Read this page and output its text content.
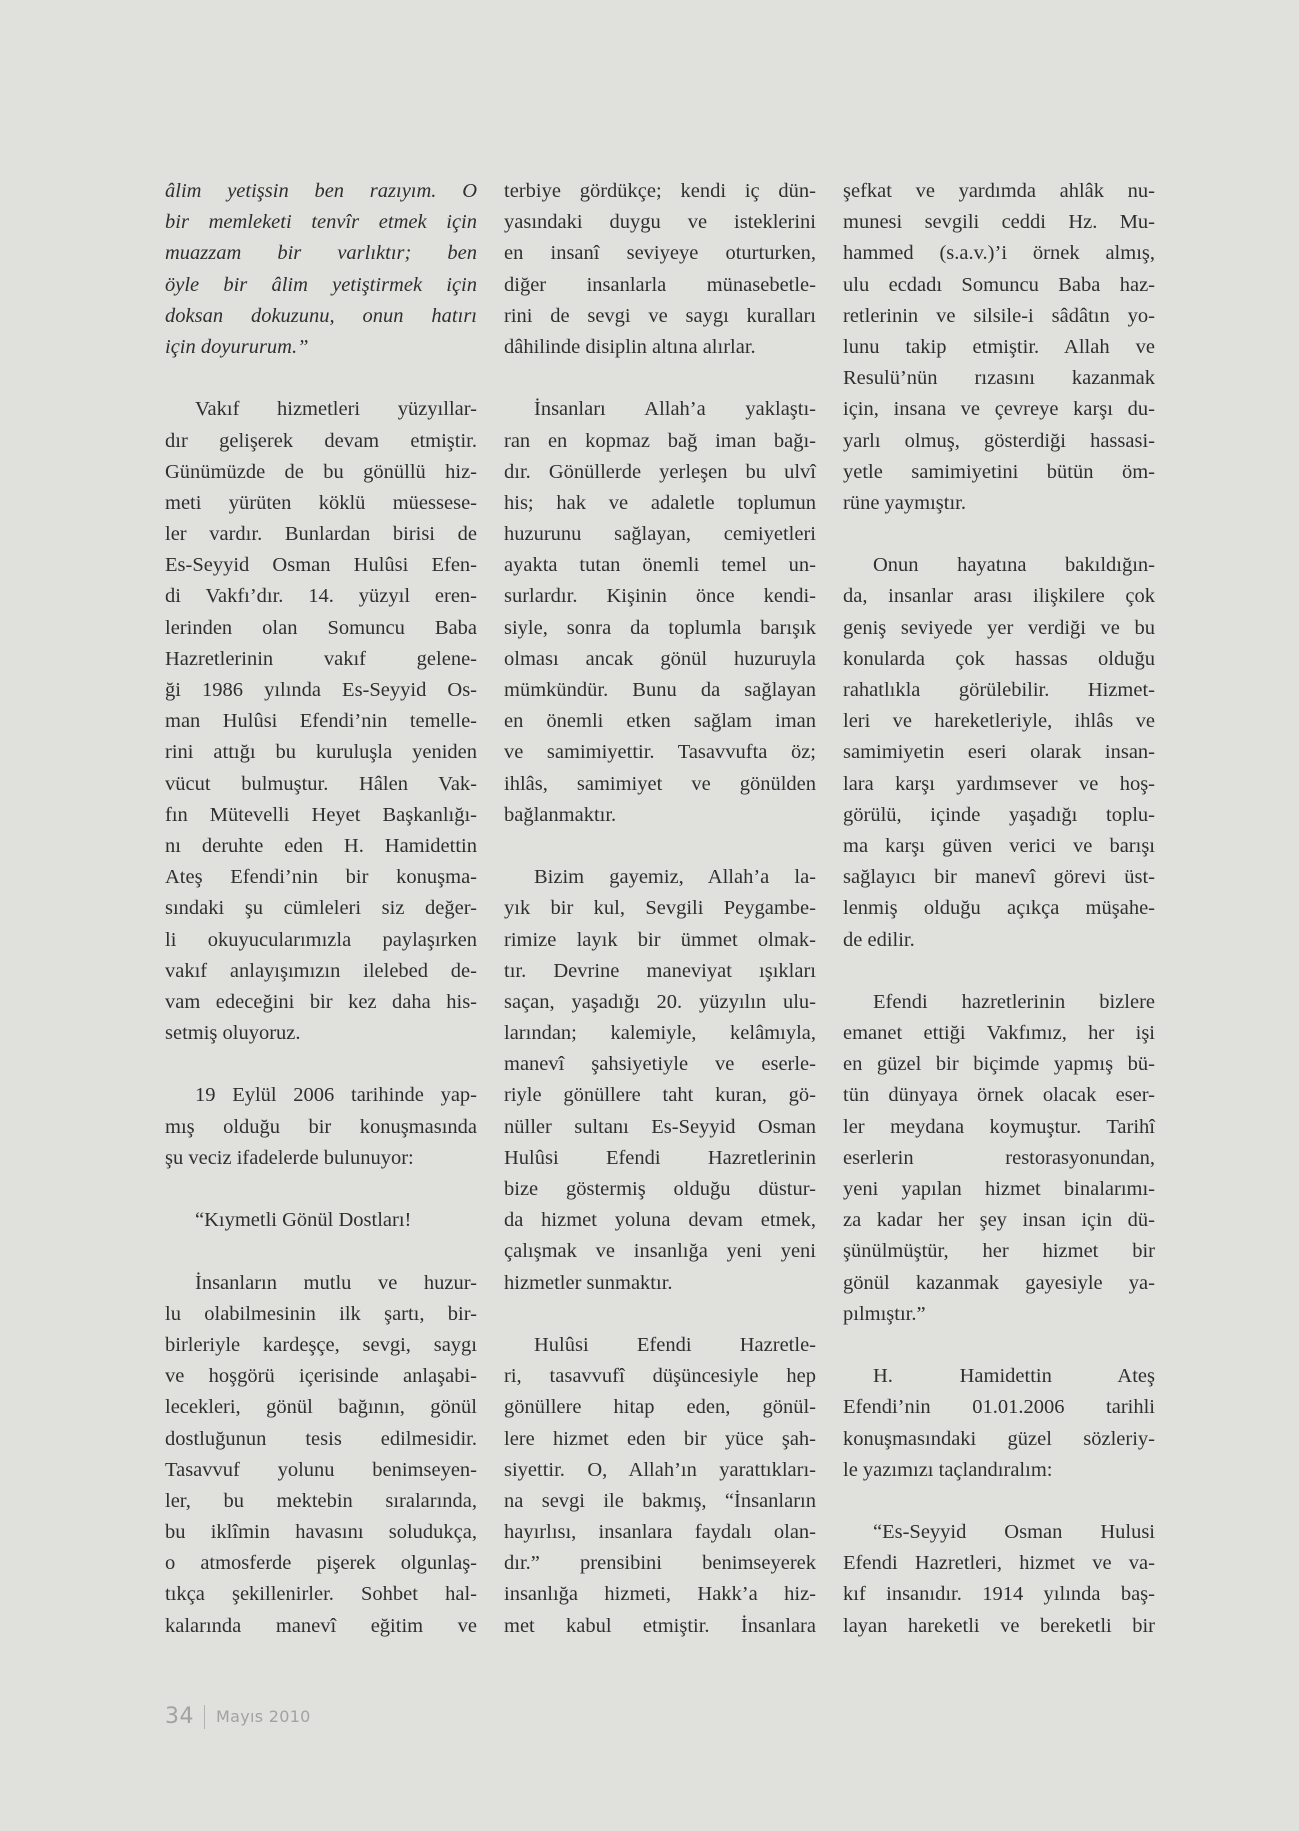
âlim yetişsin ben razıyım. O
bir memleketi tenvîr etmek için
muazzam bir varlıktır; ben
öyle bir âlim yetiştirmek için
doksan dokuzunu, onun hatırı
için doyururum.”
Vakıf hizmetleri yüzyıllar-
dır gelişerek devam etmiştir.
Günümüzde de bu gönüllü hiz-
meti yürüten köklü müessese-
ler vardır. Bunlardan birisi de
Es-Seyyid Osman Hulûsi Efen-
di Vakfı’dır. 14. yüzyıl eren-
lerinden olan Somuncu Baba
Hazretlerinin vakıf gelene-
ği 1986 yılında Es-Seyyid Os-
man Hulûsi Efendi’nin temelle-
rini attığı bu kuruluşla yeniden
vücut bulmuştur. Hâlen Vak-
fın Mütevelli Heyet Başkanlığı-
nı deruhte eden H. Hamidettin
Ateş Efendi’nin bir konuşma-
sındaki şu cümleleri siz değer-
li okuyucularımızla paylaşırken
vakıf anlayışımızın ilelebed de-
vam edeceğini bir kez daha his-
setmiş oluyoruz.
19 Eylül 2006 tarihinde yap-
mış olduğu bir konuşmasında
şu veciz ifadelerde bulunuyor:
“Kıymetli Gönül Dostları!
İnsanların mutlu ve huzur-
lu olabilmesinin ilk şartı, bir-
birleriyle kardeşçe, sevgi, saygı
ve hoşgörü içerisinde anlaşabi-
lecekleri, gönül bağının, gönül
dostluğunun tesis edilmesidir.
Tasavvuf yolunu benimseyen-
ler, bu mektebin sıralarında,
bu iklîmin havasını soludukça,
o atmosferde pişerek olgunlaş-
tıkça şekillenirler. Sohbet hal-
kalarında manevî eğitim ve
terbiye gördükçe; kendi iç dün-
yasındaki duygu ve isteklerini
en insanî seviyeye oturturken,
diğer insanlarla münasebetle-
rini de sevgi ve saygı kuralları
dâhilinde disiplin altına alırlar.
İnsanları Allah’a yaklaştı-
ran en kopmaz bağ iman bağı-
dır. Gönüllerde yerleşen bu ulvî
his; hak ve adaletle toplumun
huzurunu sağlayan, cemiyetleri
ayakta tutan önemli temel un-
surlardır. Kişinin önce kendi-
siyle, sonra da toplumla barışık
olması ancak gönül huzuruyla
mümkündür. Bunu da sağlayan
en önemli etken sağlam iman
ve samimiyettir. Tasavvufta öz;
ihlâs, samimiyet ve gönülden
bağlanmaktır.
Bizim gayemiz, Allah’a la-
yık bir kul, Sevgili Peygambe-
rimize layık bir ümmet olmak-
tır. Devrine maneviyat ışıkları
saçan, yaşadığı 20. yüzyılın ulu-
larından; kalemiyle, kelâmıyla,
manevî şahsiyetiyle ve eserle-
riyle gönüllere taht kuran, gö-
nüller sultanı Es-Seyyid Osman
Hulûsi Efendi Hazretlerinin
bize göstermiş olduğu düstur-
da hizmet yoluna devam etmek,
çalışmak ve insanlığa yeni yeni
hizmetler sunmaktır.
Hulûsi Efendi Hazretle-
ri, tasavvufî düşüncesiyle hep
gönüllere hitap eden, gönül-
lere hizmet eden bir yüce şah-
siyettir. O, Allah’ın yarattıkları-
na sevgi ile bakmış, “İnsanların
hayırlısı, insanlara faydalı olan-
dır.” prensibini benimseyerek
insanlığa hizmeti, Hakk’a hiz-
met kabul etmiştir. İnsanlara
şefkat ve yardımda ahlâk nu-
munesi sevgili ceddi Hz. Mu-
hammed (s.a.v.)’i örnek almış,
ulu ecdadı Somuncu Baba haz-
retlerinin ve silsile-i sâdâtın yo-
lunu takip etmiştir. Allah ve
Resulü’nün rızasını kazanmak
için, insana ve çevreye karşı du-
yarlı olmuş, gösterdiği hassasi-
yetle samimiyetini bütün öm-
rüne yaymıştır.
Onun hayatına bakıldığın-
da, insanlar arası ilişkilere çok
geniş seviyede yer verdiği ve bu
konularda çok hassas olduğu
rahatlıkla görülebilir. Hizmet-
leri ve hareketleriyle, ihlâs ve
samimiyetin eseri olarak insan-
lara karşı yardımsever ve hoş-
görülü, içinde yaşadığı toplu-
ma karşı güven verici ve barışı
sağlayıcı bir manevî görevi üst-
lenmiş olduğu açıkça müşahe-
de edilir.
Efendi hazretlerinin bizlere
emanet ettiği Vakfımız, her işi
en güzel bir biçimde yapmış bü-
tün dünyaya örnek olacak eser-
ler meydana koymuştur. Tarihî
eserlerin restorasyonundan,
yeni yapılan hizmet binalarımı-
za kadar her şey insan için dü-
şünülmüştür, her hizmet bir
gönül kazanmak gayesiyle ya-
pılmıştır.”
H. Hamidettin Ateş
Efendi’nin 01.01.2006 tarihli
konuşmasındaki güzel sözleriy-
le yazımızı taçlandıralım:
“Es-Seyyid Osman Hulusi
Efendi Hazretleri, hizmet ve va-
kıf insanıdır. 1914 yılında baş-
layan hareketli ve bereketli bir
34 Mayıs 2010
